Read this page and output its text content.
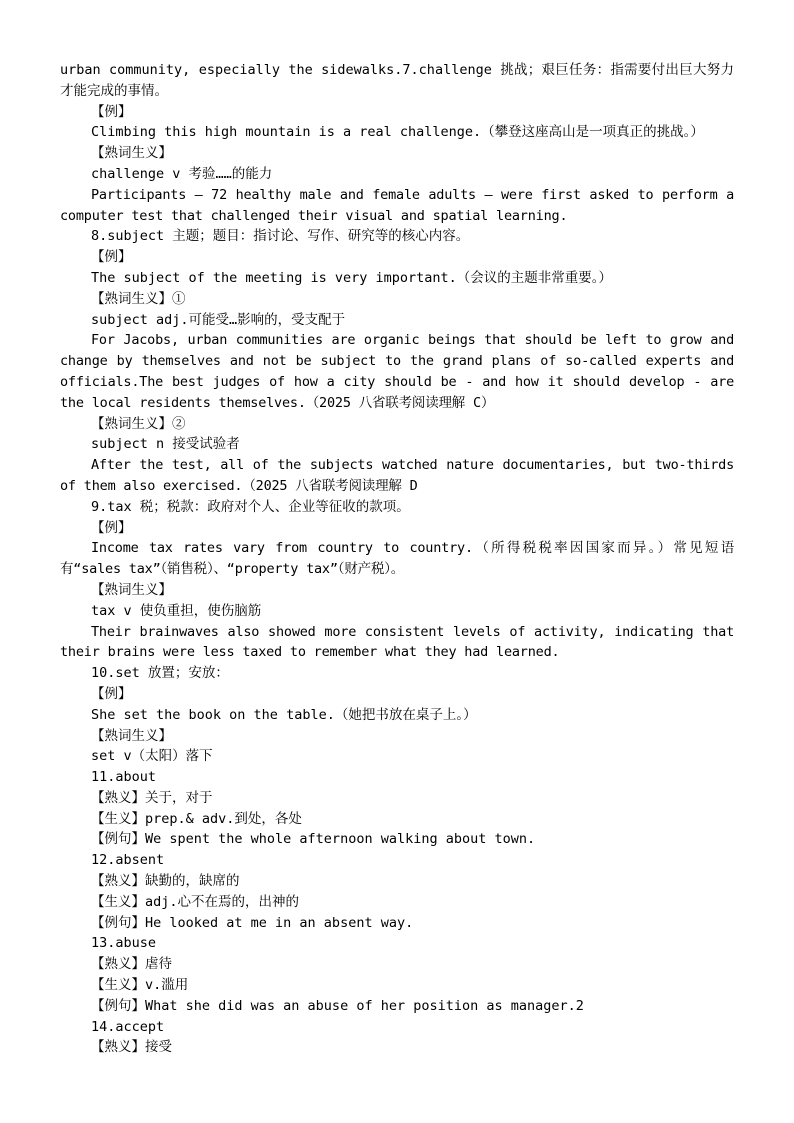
urban community, especially the sidewalks.7.challenge 挑战；艰巨任务：指需要付出巨大努力才能完成的事情。

【例】

Climbing this high mountain is a real challenge.（攀登这座高山是一项真正的挑战。）

【熟词生义】

challenge v 考验……的能力

Participants — 72 healthy male and female adults — were first asked to perform a computer test that challenged their visual and spatial learning.

8.subject 主题；题目：指讨论、写作、研究等的核心内容。

【例】

The subject of the meeting is very important.（会议的主题非常重要。）

【熟词生义】①

subject adj.可能受…影响的，受支配于

For Jacobs, urban communities are organic beings that should be left to grow and change by themselves and not be subject to the grand plans of so-called experts and officials.The best judges of how a city should be - and how it should develop - are the local residents themselves.（2025 八省联考阅读理解 C）

【熟词生义】②

subject n 接受试验者

After the test, all of the subjects watched nature documentaries, but two-thirds of them also exercised.（2025 八省联考阅读理解 D

9.tax 税；税款：政府对个人、企业等征收的款项。

【例】

Income tax rates vary from country to country.（所得税税率因国家而异。）常见短语有“sales tax”（销售税）、“property tax”（财产税）。

【熟词生义】

tax v 使负重担，使伤脑筋

Their brainwaves also showed more consistent levels of activity, indicating that their brains were less taxed to remember what they had learned.

10.set 放置；安放：

【例】

She set the book on the table.（她把书放在桌子上。）

【熟词生义】

set v（太阳）落下

11.about

【熟义】关于，对于

【生义】prep.& adv.到处，各处

【例句】We spent the whole afternoon walking about town.

12.absent

【熟义】缺勤的，缺席的

【生义】adj.心不在焉的，出神的

【例句】He looked at me in an absent way.

13.abuse

【熟义】虐待

【生义】v.滥用

【例句】What she did was an abuse of her position as manager.2

14.accept

【熟义】接受
